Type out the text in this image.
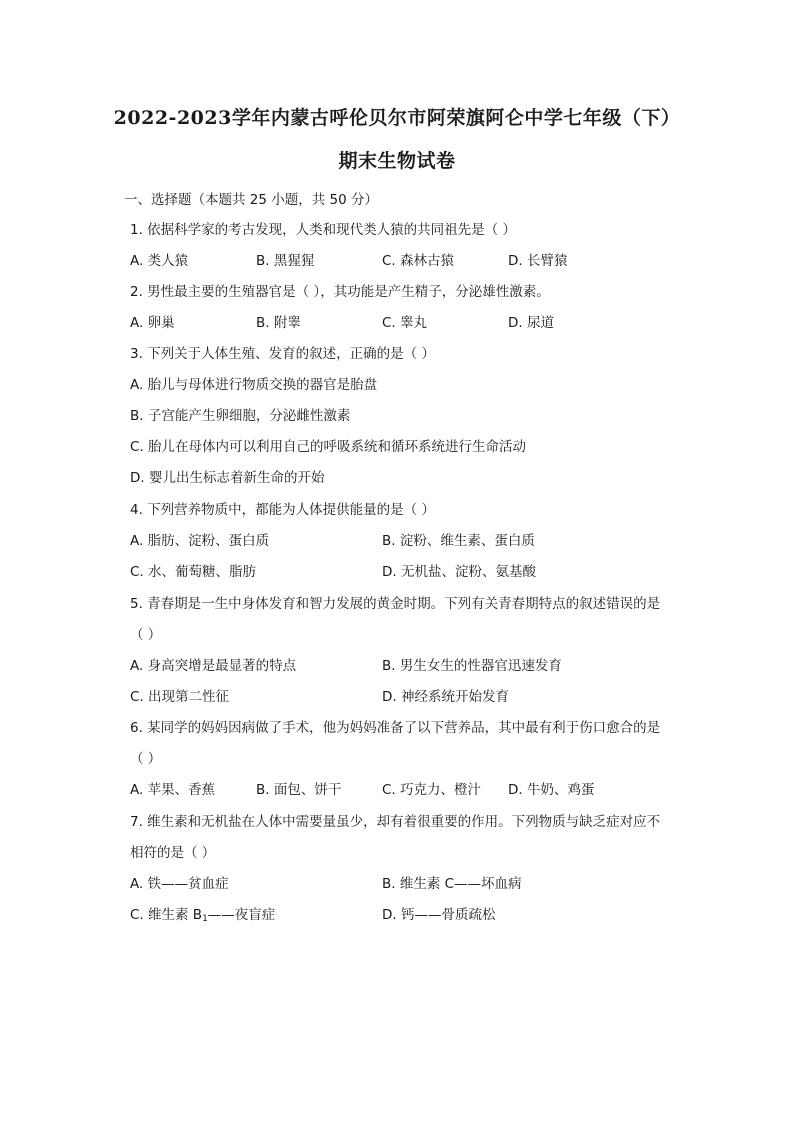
2022-2023学年内蒙古呼伦贝尔市阿荣旗阿仑中学七年级（下）
期末生物试卷
一、选择题（本题共 25 小题，共 50 分）
1. 依据科学家的考古发现，人类和现代类人猿的共同祖先是（ ）
A. 类人猿	B. 黑猩猩	C. 森林古猿	D. 长臂猿
2. 男性最主要的生殖器官是（ ），其功能是产生精子，分泌雄性激素。
A. 卵巢	B. 附睾	C. 睾丸	D. 尿道
3. 下列关于人体生殖、发育的叙述，正确的是（ ）
A. 胎儿与母体进行物质交换的器官是胎盘
B. 子宫能产生卵细胞，分泌雌性激素
C. 胎儿在母体内可以利用自己的呼吸系统和循环系统进行生命活动
D. 婴儿出生标志着新生命的开始
4. 下列营养物质中，都能为人体提供能量的是（ ）
A. 脂肪、淀粉、蛋白质	B. 淀粉、维生素、蛋白质
C. 水、葡萄糖、脂肪	D. 无机盐、淀粉、氨基酸
5. 青春期是一生中身体发育和智力发展的黄金时期。下列有关青春期特点的叙述错误的是
（ ）
A. 身高突增是最显著的特点	B. 男生女生的性器官迅速发育
C. 出现第二性征	D. 神经系统开始发育
6. 某同学的妈妈因病做了手术，他为妈妈准备了以下营养品，其中最有利于伤口愈合的是
（ ）
A. 苹果、香蕉	B. 面包、饼干	C. 巧克力、橙汁 D. 牛奶、鸡蛋
7. 维生素和无机盐在人体中需要量虽少，却有着很重要的作用。下列物质与缺乏症对应不
相符的是（ ）
A. 铁——贫血症	B. 维生素 C——坏血病
C. 维生素 $B_1——$夜盲症	D. 钙——骨质疏松
